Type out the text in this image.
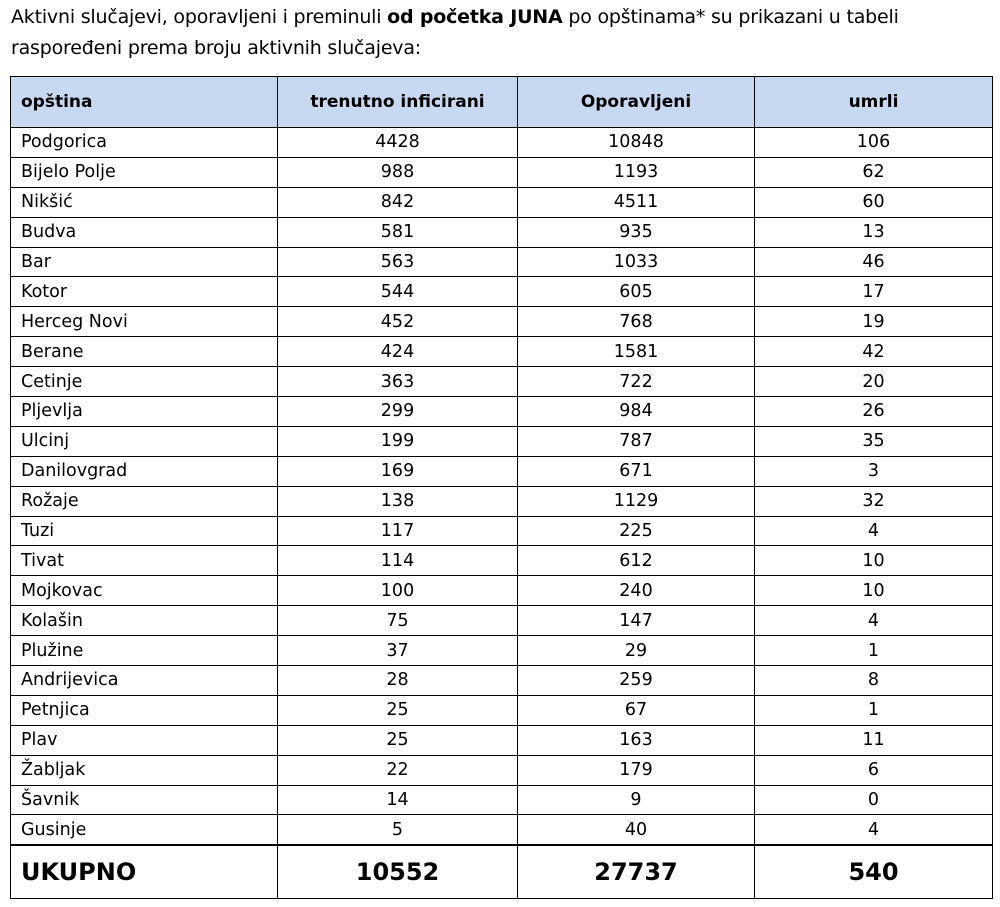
Aktivni slučajevi, oporavljeni i preminuli od početka JUNA po opštinama* su prikazani u tabeli raspoređeni prema broju aktivnih slučajeva:
opština	trenutno inficirani	Oporavljeni	umrli
Podgorica	4428	10848	106
Bijelo Polje	988	1193	62
Nikšić	842	4511	60
Budva	581	935	13
Bar	563	1033	46
Kotor	544	605	17
Herceg Novi	452	768	19
Berane	424	1581	42
Cetinje	363	722	20
Pljevlja	299	984	26
Ulcinj	199	787	35
Danilovgrad	169	671	3
Rožaje	138	1129	32
Tuzi	117	225	4
Tivat	114	612	10
Mojkovac	100	240	10
Kolašin	75	147	4
Plužine	37	29	1
Andrijevica	28	259	8
Petnjica	25	67	1
Plav	25	163	11
Žabljak	22	179	6
Šavnik	14	9	0
Gusinje	5	40	4
UKUPNO	10552	27737	540
